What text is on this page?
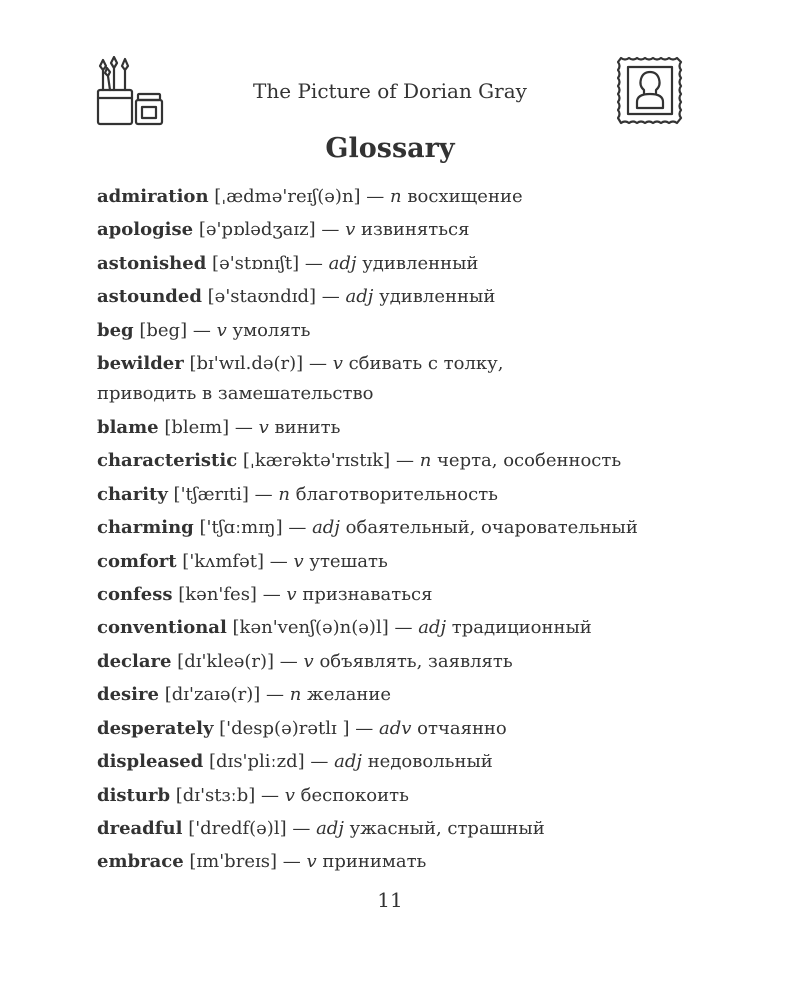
The Picture of Dorian Gray
Glossary
admiration [ˌædmə'reɪʃ(ə)n] — n восхищение
apologise [ə'pɒlədʒaɪz] — v извиняться
astonished [ə'stɒnɪʃt] — adj удивленный
astounded [ə'staʊndɪd] — adj удивленный
beg [beg] — v умолять
bewilder [bɪ'wɪl.də(r)] — v сбивать с толку, приводить в замешательство
blame [bleɪm] — v винить
characteristic [ˌkærəktə'rɪstɪk] — n черта, особенность
charity ['tʃærɪti] — n благотворительность
charming ['tʃɑːmɪŋ] — adj обаятельный, очаровательный
comfort ['kʌmfət] — v утешать
confess [kən'fes] — v признаваться
conventional [kən'venʃ(ə)n(ə)l] — adj традиционный
declare [dɪ'kleə(r)] — v объявлять, заявлять
desire [dɪ'zaɪə(r)] — n желание
desperately ['desp(ə)rətlɪ ] — adv отчаянно
displeased [dɪs'pliːzd] — adj недовольный
disturb [dɪ'stɜːb] — v беспокоить
dreadful ['dredf(ə)l] — adj ужасный, страшный
embrace [ɪm'breɪs] — v принимать
11
